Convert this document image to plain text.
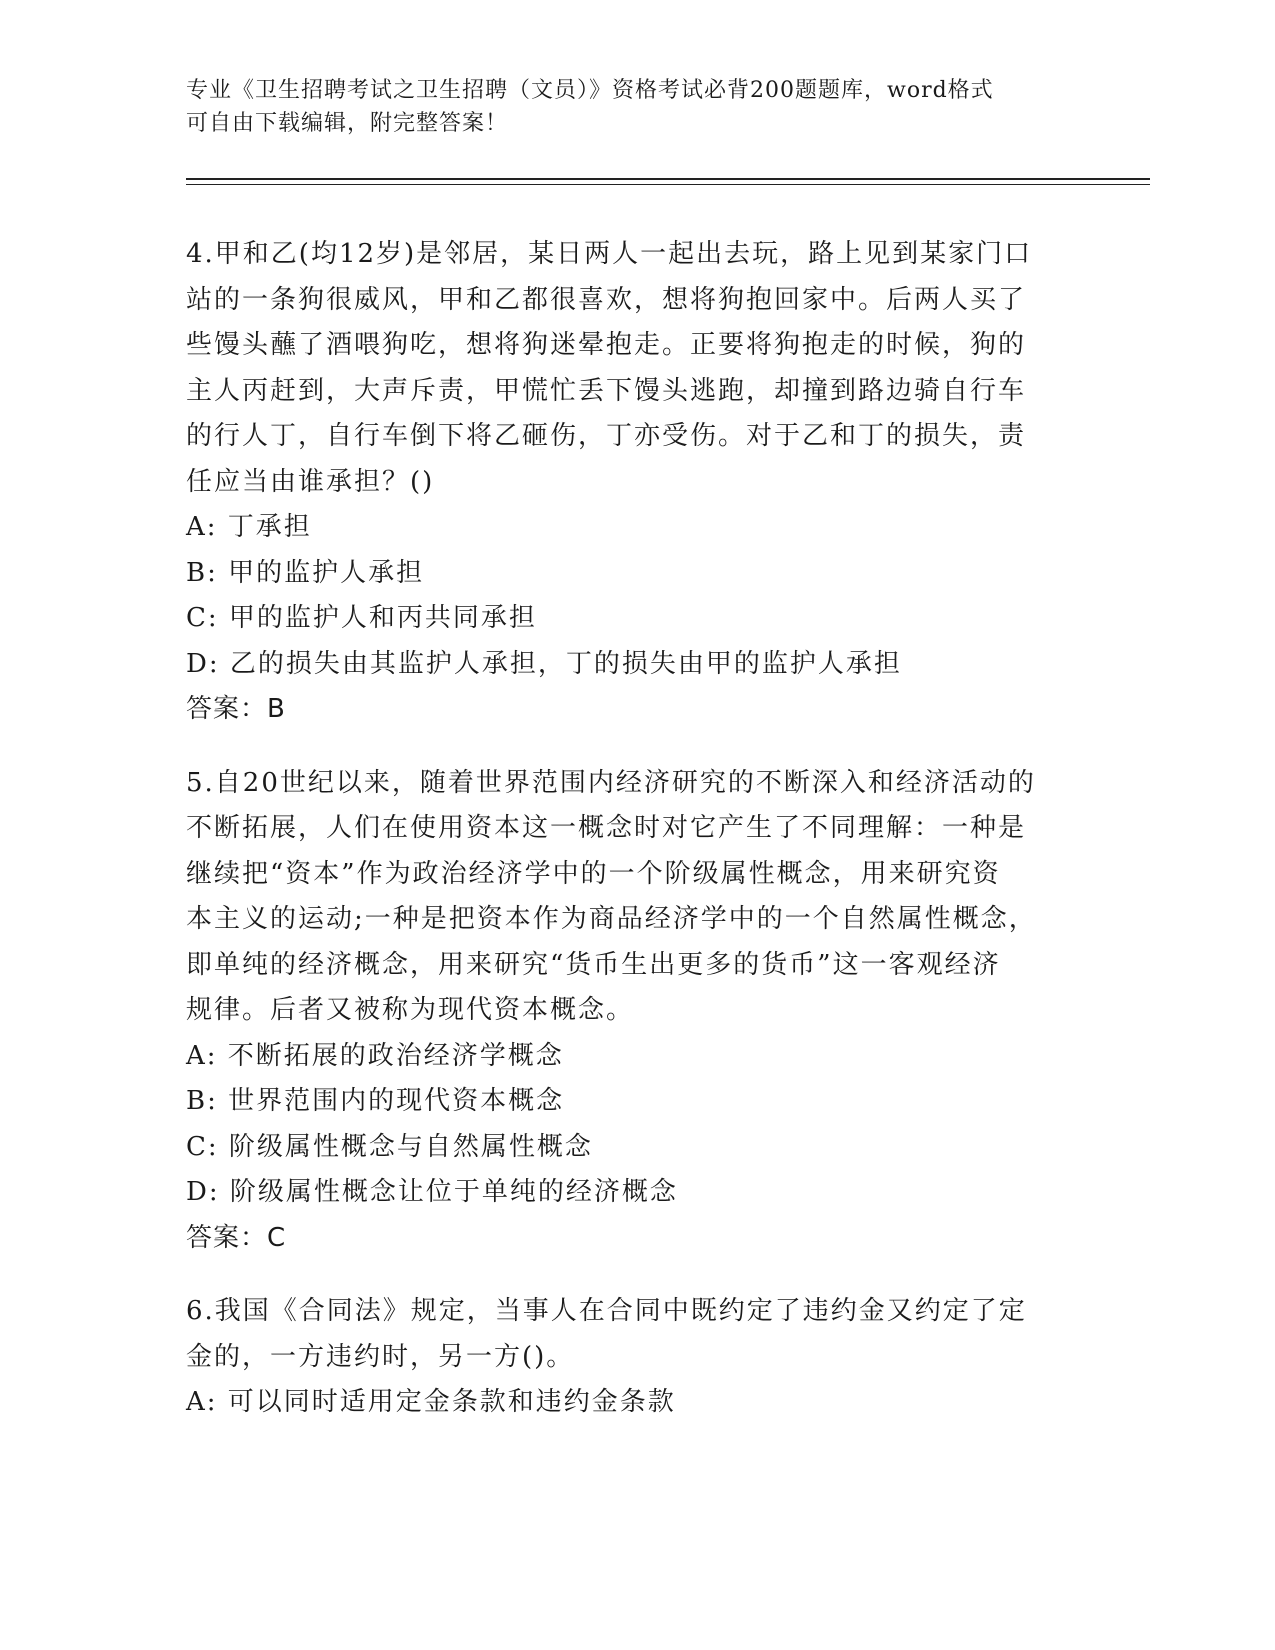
专业《卫生招聘考试之卫生招聘（文员）》资格考试必背200题题库，word格式

可自由下载编辑，附完整答案！

4.甲和乙(均12岁)是邻居，某日两人一起出去玩，路上见到某家门口
站的一条狗很威风，甲和乙都很喜欢，想将狗抱回家中。后两人买了
些馒头蘸了酒喂狗吃，想将狗迷晕抱走。正要将狗抱走的时候，狗的
主人丙赶到，大声斥责，甲慌忙丢下馒头逃跑，却撞到路边骑自行车
的行人丁，自行车倒下将乙砸伤，丁亦受伤。对于乙和丁的损失，责
任应当由谁承担？()

A: 丁承担

B: 甲的监护人承担

C: 甲的监护人和丙共同承担

D: 乙的损失由其监护人承担，丁的损失由甲的监护人承担

答案：B

5.自20世纪以来，随着世界范围内经济研究的不断深入和经济活动的
不断拓展，人们在使用资本这一概念时对它产生了不同理解：一种是
继续把“资本”作为政治经济学中的一个阶级属性概念，用来研究资
本主义的运动;一种是把资本作为商品经济学中的一个自然属性概念，
即单纯的经济概念，用来研究“货币生出更多的货币”这一客观经济
规律。后者又被称为现代资本概念。

A: 不断拓展的政治经济学概念

B: 世界范围内的现代资本概念

C: 阶级属性概念与自然属性概念

D: 阶级属性概念让位于单纯的经济概念

答案：C

6.我国《合同法》规定，当事人在合同中既约定了违约金又约定了定
金的，一方违约时，另一方()。

A: 可以同时适用定金条款和违约金条款
